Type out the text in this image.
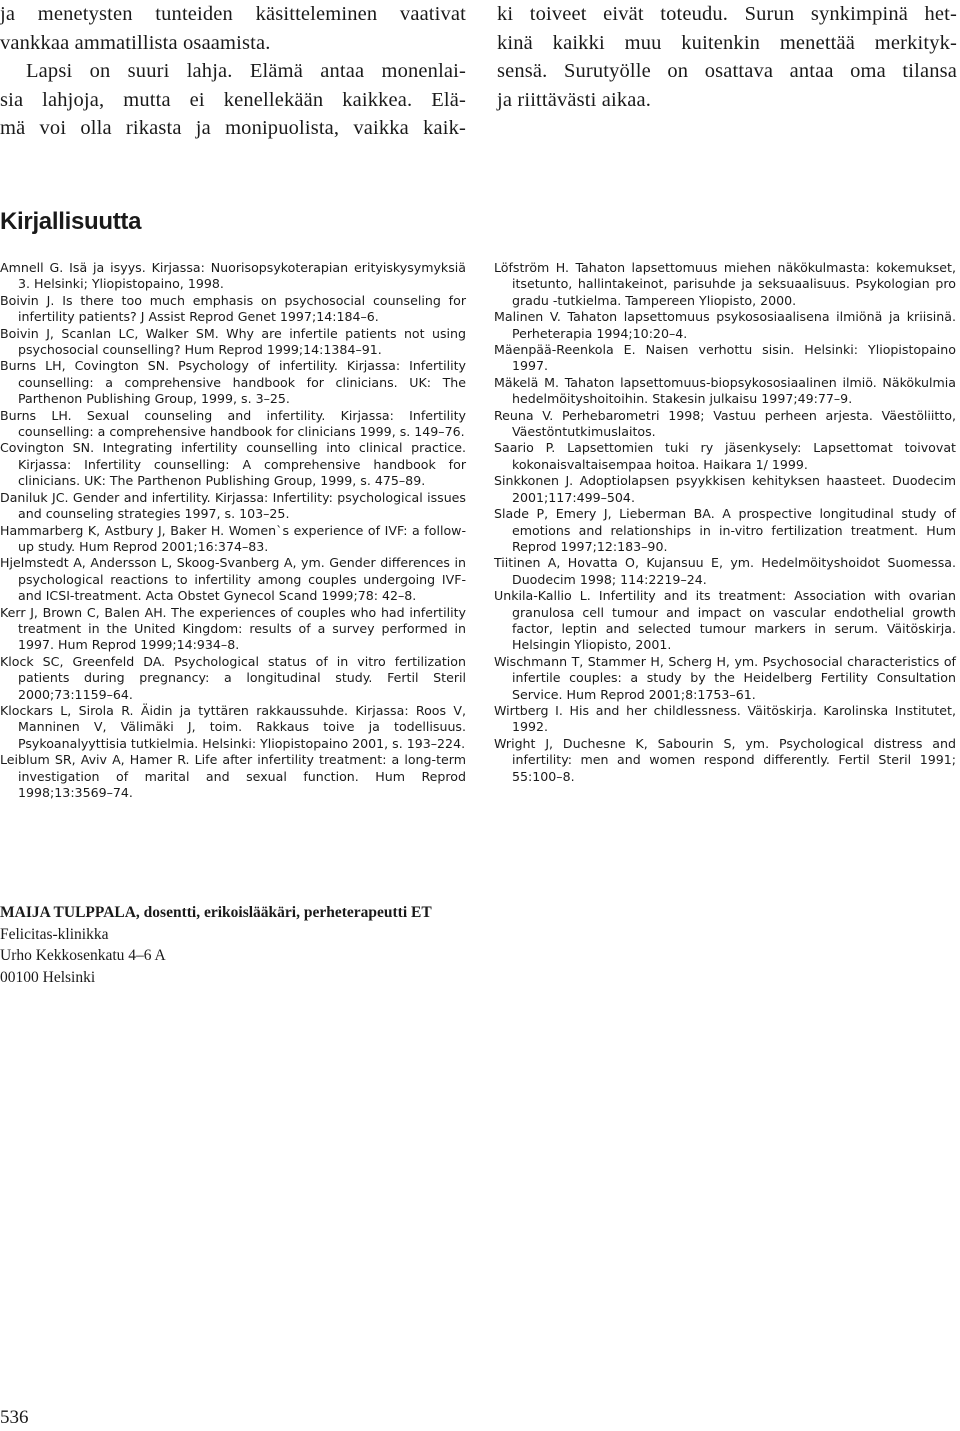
ja menetysten tunteiden käsitteleminen vaativat
vankkaa ammatillista osaamista.
Lapsi on suuri lahja. Elämä antaa monenlai-
sia lahjoja, mutta ei kenellekään kaikkea. Elä-
mä voi olla rikasta ja monipuolista, vaikka kaik-
ki toiveet eivät toteudu. Surun synkimpinä het-
kinä kaikki muu kuitenkin menettää merkityk-
sensä. Surutyölle on osattava antaa oma tilansa
ja riittävästi aikaa.
Kirjallisuutta
Amnell G. Isä ja isyys. Kirjassa: Nuorisopsykoterapian erityiskysymyksiä 3. Helsinki; Yliopistopaino, 1998.
Boivin J. Is there too much emphasis on psychosocial counseling for infertility patients? J Assist Reprod Genet 1997;14:184–6.
Boivin J, Scanlan LC, Walker SM. Why are infertile patients not using psychosocial counselling? Hum Reprod 1999;14:1384–91.
Burns LH, Covington SN. Psychology of infertility. Kirjassa: Infertility counselling: a comprehensive handbook for clinicians. UK: The Parthenon Publishing Group, 1999, s. 3–25.
Burns LH. Sexual counseling and infertility. Kirjassa: Infertility counselling: a comprehensive handbook for clinicians 1999, s. 149–76.
Covington SN. Integrating infertility counselling into clinical practice. Kirjassa: Infertility counselling: A comprehensive handbook for clinicians. UK: The Parthenon Publishing Group, 1999, s. 475–89.
Daniluk JC. Gender and infertility. Kirjassa: Infertility: psychological issues and counseling strategies 1997, s. 103–25.
Hammarberg K, Astbury J, Baker H. Women`s experience of IVF: a follow-up study. Hum Reprod 2001;16:374–83.
Hjelmstedt A, Andersson L, Skoog-Svanberg A, ym. Gender differences in psychological reactions to infertility among couples undergoing IVF- and ICSI-treatment. Acta Obstet Gynecol Scand 1999;78: 42–8.
Kerr J, Brown C, Balen AH. The experiences of couples who had infertility treatment in the United Kingdom: results of a survey performed in 1997. Hum Reprod 1999;14:934–8.
Klock SC, Greenfeld DA. Psychological status of in vitro fertilization patients during pregnancy: a longitudinal study. Fertil Steril 2000;73:1159–64.
Klockars L, Sirola R. Äidin ja tyttären rakkaussuhde. Kirjassa: Roos V, Manninen V, Välimäki J, toim. Rakkaus toive ja todellisuus. Psykoanalyyttisia tutkielmia. Helsinki: Yliopistopaino 2001, s. 193–224.
Leiblum SR, Aviv A, Hamer R. Life after infertility treatment: a long-term investigation of marital and sexual function. Hum Reprod 1998;13:3569–74.
Löfström H. Tahaton lapsettomuus miehen näkökulmasta: kokemukset, itsetunto, hallintakeinot, parisuhde ja seksuaalisuus. Psykologian pro gradu -tutkielma. Tampereen Yliopisto, 2000.
Malinen V. Tahaton lapsettomuus psykososiaalisena ilmiönä ja kriisinä. Perheterapia 1994;10:20–4.
Mäenpää-Reenkola E. Naisen verhottu sisin. Helsinki: Yliopistopaino 1997.
Mäkelä M. Tahaton lapsettomuus-biopsykososiaalinen ilmiö. Näkökulmia hedelmöityshoitoihin. Stakesin julkaisu 1997;49:77–9.
Reuna V. Perhebarometri 1998; Vastuu perheen arjesta. Väestöliitto, Väestöntutkimuslaitos.
Saario P. Lapsettomien tuki ry jäsenkysely: Lapsettomat toivovat kokonaisvaltaisempaa hoitoa. Haikara 1/ 1999.
Sinkkonen J. Adoptiolapsen psyykkisen kehityksen haasteet. Duodecim 2001;117:499–504.
Slade P, Emery J, Lieberman BA. A prospective longitudinal study of emotions and relationships in in-vitro fertilization treatment. Hum Reprod 1997;12:183–90.
Tiitinen A, Hovatta O, Kujansuu E, ym. Hedelmöityshoidot Suomessa. Duodecim 1998; 114:2219–24.
Unkila-Kallio L. Infertility and its treatment: Association with ovarian granulosa cell tumour and impact on vascular endothelial growth factor, leptin and selected tumour markers in serum. Väitöskirja. Helsingin Yliopisto, 2001.
Wischmann T, Stammer H, Scherg H, ym. Psychosocial characteristics of infertile couples: a study by the Heidelberg Fertility Consultation Service. Hum Reprod 2001;8:1753–61.
Wirtberg I. His and her childlessness. Väitöskirja. Karolinska Institutet, 1992.
Wright J, Duchesne K, Sabourin S, ym. Psychological distress and infertility: men and women respond differently. Fertil Steril 1991; 55:100–8.
MAIJA TULPPALA, dosentti, erikoislääkäri, perheterapeutti ET
Felicitas-klinikka
Urho Kekkosenkatu 4–6 A
00100 Helsinki
536
